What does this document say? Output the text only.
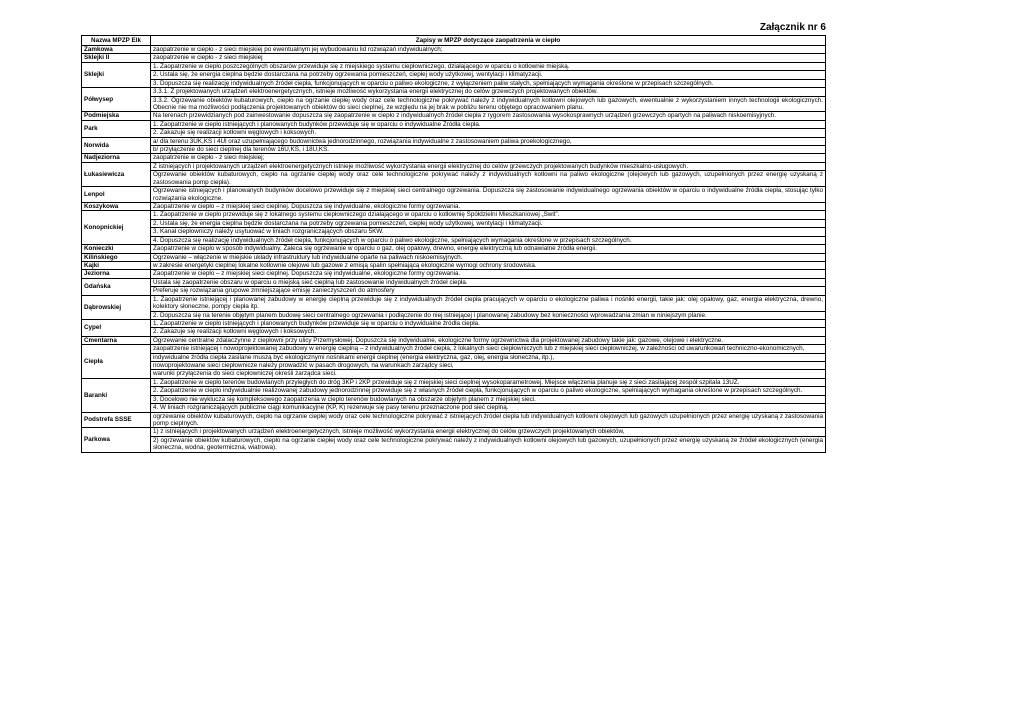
Załącznik nr 6
Nazwa MPZP Elk	Zapisy w MPZP dotyczące zaopatrzenia w ciepło
Zamkowa	zaopatrzenie w ciepło - z sieci miejskiej po ewentualnym jej wybudowaniu lid rozwiązań indywidualnych;
Sklejki II	zaopatrzenie w ciepło - z sieci miejskiej
Sklejki	1. Zaopatrzenie w ciepło poszczególnych obszarów przewiduje się z miejskiego systemu ciepłowniczego, działającego w oparciu o kotłownie miejską.
	2. Ustala się, że energia cieplna będzie dostarczana na potrzeby ogrzewania pomieszczeń, ciepłej wody użytkowej, wentylacji i klimatyzacji.
	3. Dopuszcza się realizację indywidualnych źródeł ciepła, funkcjonujących w oparciu o paliwo ekologiczne, z wyłączeniem paliw stałych, spełniających wymagania określone w przepisach szczególnych.
Półwysep	3.3.1. Z projektowanych urządzeń elektroenergetycznych, istnieje możliwość wykorzystania energii elektrycznej do celów grzewczych projektowanych obiektów.
	3.3.2. Ogrzewanie obiektów kubaturowych, ciepło na ogrzanie ciepłej wody oraz cele technologiczne pokrywać należy z indywidualnych kotłowni olejowych lub gazowych, ewentualnie z wykorzystaniem innych technologii ekologicznych. Obecnie nie ma możliwości podłączenia projektowanych obiektów do sieci cieplnej, ze względu na jej brak w pobliżu terenu objętego opracowaniem planu.
Podmiejska	Na terenach przewidzianych pod zainwestowanie dopuszcza się zaopatrzenie w ciepło z indywidualnych źródeł ciepła z rygorem zastosowania wysokosprawnych urządzeń grzewczych opartych na paliwach niskoemisyjnych.
Park	1. Zaopatrzenie w ciepło istniejących i planowanych budynków przewiduje się w oparciu o indywidualne Źródła ciepła.
	2. Zakazuje się realizacji kotłowni węglowych i koksowych.
Norwida	a/ dla terenu 3UK,KS i 4Ul oraz uzupełniającego budownictwa jednorodzinnego, rozwiązania indywidualne z zastosowaniem paliwa proekologicznego,
	b/ przyłączenie do sieci cieplnej dla terenów 16U,KS, i 18U,KS.
Nadjeziorna	zaopatrzenie w ciepło - z sieci miejskiej;
Łukasiewicza	Z istniejących i projektowanych urządzeń elektroenergetycznych istnieje możliwość wykorzystania energii elektrycznej do celów grzewczych projektowanych budynków mieszkalno-usługowych.
	Ogrzewanie obiektów kubaturowych, ciepło na ogrzanie ciepłej wody oraz cele technologiczne pokrywać należy z indywidualnych kotłowni na paliwo ekologiczne (olejowych lub gazowych, uzupełnionych przez energię uzyskaną z zastosowania pomp ciepła).
Lenpol	Ogrzewanie istniejących i planowanych budynków docelowo przewiduje się z miejskiej sieci centralnego ogrzewania. Dopuszcza się zastosowanie indywidualnego ogrzewania obiektów w oparciu o indywidualne źródła ciepła, stosując tylko rozwiązania ekologiczne.
Koszykowa	Zaopatrzenie w ciepło – z miejskiej sieci cieplnej. Dopuszcza się indywidualne, ekologiczne formy ogrzewania.
Konopnickiej	1. Zaopatrzenie w ciepło przewiduje się z lokalnego systemu ciepłowniczego działającego w oparciu o kotłownię Spółdzielni Mieszkaniowej „Świt”.
	2. Ustala się, że energia cieplna będzie dostarczana na potrzeby ogrzewania pomieszczeń, ciepłej wody użytkowej, wentylacji i klimatyzacji.
	3. Kanał ciepłowniczy należy usytuować w liniach rozgraniczających obszaru 5KW.
	4. Dopuszcza się realizację indywidualnych źródeł ciepła, funkcjonujących w oparciu o paliwo ekologiczne, spełniających wymagania określone w przepisach szczególnych.
Konieczki	Zaopatrzenie w ciepło w sposób indywidualny. Zaleca się ogrzewanie w oparciu o gaz, olej opałowy, drewno, energię elektryczną lub odnawialne źródła energii.
Kilińskiego	Ogrzewanie – włączenie w miejskie układy infrastruktury lub indywidualne oparte na paliwach niskoemisyjnych.
Kajki	w zakresie energetyki cieplnej lokalne kotłownie olejowe lub gazowe z emisją spalin spełniającą ekologiczne wymogi ochrony środowiska.
Jeziorna	Zaopatrzenie w ciepło – z miejskiej sieci cieplnej. Dopuszcza się indywidualne, ekologiczne formy ogrzewania.
Gdańska	Ustala się zaopatrzenie obszaru w oparciu o miejską sieć cieplną lub zastosowanie indywidualnych źródeł ciepła.
	Preferuje się rozwiązania grupowe zmniejszające emisję zanieczyszczeń do atmosfery
Dąbrowskiej	1. Zaopatrzenie istniejącej i planowanej zabudowy w energię cieplną przewiduje się z indywidualnych źródeł ciepła pracujących w oparciu o ekologiczne paliwa i nośniki energii, takie jak: olej opałowy, gaz, energia elektryczna, drewno, kolektory słoneczne, pompy ciepła itp.
	2. Dopuszcza się na terenie objętym planem budowę sieci centralnego ogrzewania i podłączenie do niej istniejącej i planowanej zabudowy bez konieczności wprowadzania zmian w niniejszym planie.
Cypel	1. Zaopatrzenie w ciepło istniejących i planowanych budynków przewiduje się w oparciu o indywidualne źródła ciepła.
	2. Zakazuje się realizacji kotłowni węglowych i koksowych.
Cmentarna	Ogrzewanie centralne zdalaczynne z ciepłowni przy ulicy Przemysłowej. Dopuszcza się indywidualne, ekologiczne formy ogrzewnictwa dla projektowanej zabudowy takie jak: gazowe, olejowe i elektryczne.
Ciepła	zaopatrzenie istniejącej i nowoprojektowanej zabudowy w energię cieplną – z indywidualnych źródeł ciepła, z lokalnych sieci ciepłowniczych lub z miejskiej sieci ciepłowniczej, w zależności od uwarunkowań techniczno-ekonomicznych,
	indywidualne źródła ciepła zasilane muszą być ekologicznymi nośnikami energii cieplnej (energia elektryczna, gaz, olej, energia słoneczna, itp.),
	nowoprojektowane sieci ciepłownicze należy prowadzić w pasach drogowych, na warunkach zarządcy sieci,
	warunki przyłączenia do sieci ciepłowniczej określi zarządca sieci.
Baranki	1. Zaopatrzenie w ciepło terenów budowlanych przyległych do dróg 3KP i 2KP przewiduje się z miejskiej sieci cieplnej wysokoparametrowej. Miejsce włączenia planuje się z sieci zasilającej zespół szpitala 13UZ.
	2. Zaopatrzenie w ciepło indywidualnie realizowanej zabudowy jednorodzinnej przewiduje się z własnych źródeł ciepła, funkcjonujących w oparciu o paliwo ekologiczne, spełniających wymagania określone w przepisach szczególnych.
	3. Docelowo nie wyklucza się kompleksowego zaopatrzenia w ciepło terenów budowlanych na obszarze objętym planem z miejskiej sieci.
	4. W liniach rozgraniczających publiczne ciągi komunikacyjne (KP, K) rezerwuje się pasy terenu przeznaczone pod sieć cieplną.
Podstrefa SSSE	ogrzewanie obiektów kubaturowych, ciepło na ogrzanie ciepłej wody oraz cele technologiczne pokrywać z istniejących źródeł ciepła lub indywidualnych kotłowni olejowych lub gazowych uzupełnionych przez energię uzyskaną z zastosowania pomp cieplnych.
Parkowa	1) z istniejących i projektowanych urządzeń elektroenergetycznych, istnieje możliwość wykorzystania energii elektrycznej do celów grzewczych projektowanych obiektów,
	2) ogrzewanie obiektów kubaturowych, ciepło na ogrzanie ciepłej wody oraz cele technologiczne pokrywać należy z indywidualnych kotłowni olejowych lub gazowych, uzupełnionych przez energię uzyskaną ze źródeł ekologicznych (energia słoneczna, wodna, geotermiczna, wiatrowa).
